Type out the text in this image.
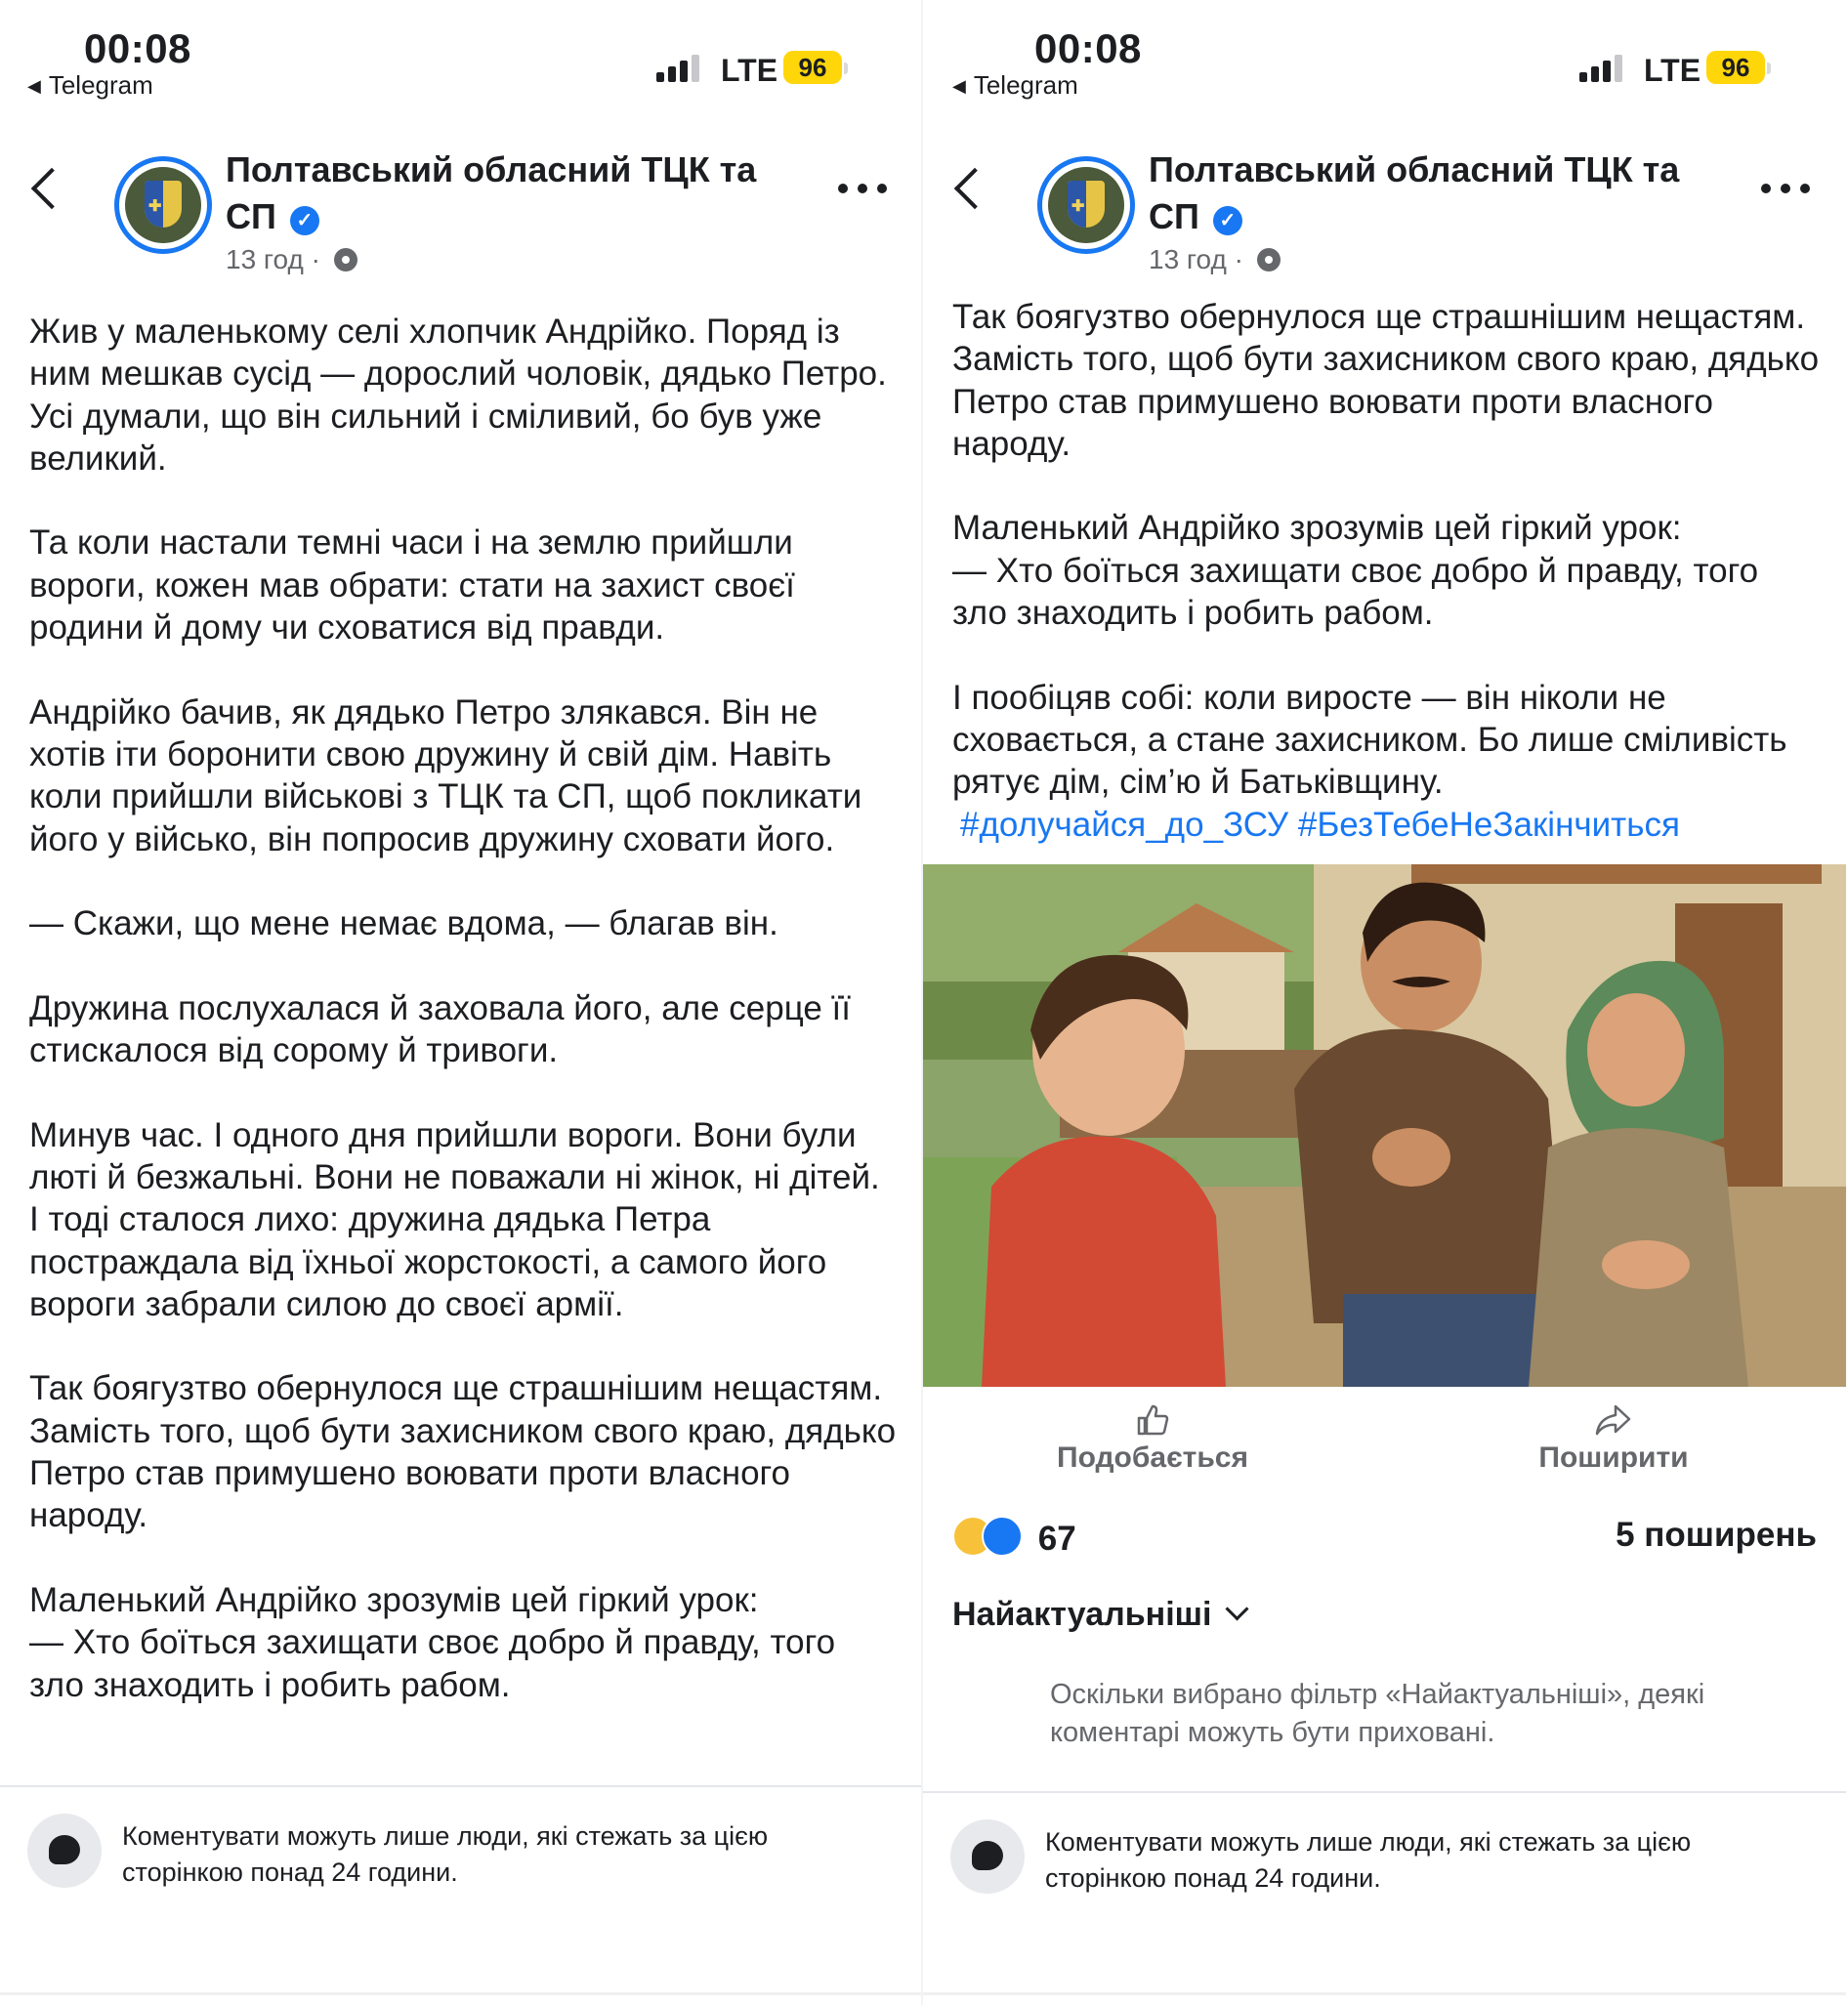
00:08
◀ Telegram	LTE 96
✚
Полтавський обласний ТЦК та СП ✓
13 год ·

Жив у маленькому селі хлопчик Андрійко. Поряд із ним мешкав сусід — дорослий чоловік, дядько Петро. Усі думали, що він сильний і сміливий, бо був уже великий.

Та коли настали темні часи і на землю прийшли вороги, кожен мав обрати: стати на захист своєї родини й дому чи сховатися від правди.

Андрійко бачив, як дядько Петро злякався. Він не хотів іти боронити свою дружину й свій дім. Навіть коли прийшли військові з ТЦК та СП, щоб покликати його у військо, він попросив дружину сховати його.

— Скажи, що мене немає вдома, — благав він.

Дружина послухалася й заховала його, але серце її стискалося від сорому й тривоги.

Минув час. І одного дня прийшли вороги. Вони були люті й безжальні. Вони не поважали ні жінок, ні дітей. І тоді сталося лихо: дружина дядька Петра постраждала від їхньої жорстокості, а самого його вороги забрали силою до своєї армії.

Так боягузтво обернулося ще страшнішим нещастям. Замість того, щоб бути захисником свого краю, дядько Петро став примушено воювати проти власного народу.

Маленький Андрійко зрозумів цей гіркий урок:
— Хто боїться захищати своє добро й правду, того зло знаходить і робить рабом.

Коментувати можуть лише люди, які стежать за цією сторінкою понад 24 години.
00:08
◀ Telegram	LTE 96
✚
Полтавський обласний ТЦК та СП ✓
13 год ·

Так боягузтво обернулося ще страшнішим нещастям. Замість того, щоб бути захисником свого краю, дядько Петро став примушено воювати проти власного народу.

Маленький Андрійко зрозумів цей гіркий урок:
— Хто боїться захищати своє добро й правду, того зло знаходить і робить рабом.

І пообіцяв собі: коли виросте — він ніколи не сховається, а стане захисником. Бо лише сміливість рятує дім, сім’ю й Батьківщину.

#долучайся_до_ЗСУ #БезТебеНеЗакінчиться

Подобається	Поширити
67	5 поширень
Найактуальніші
Оскільки вибрано фільтр «Найактуальніші», деякі коментарі можуть бути приховані.
Коментувати можуть лише люди, які стежать за цією сторінкою понад 24 години.
